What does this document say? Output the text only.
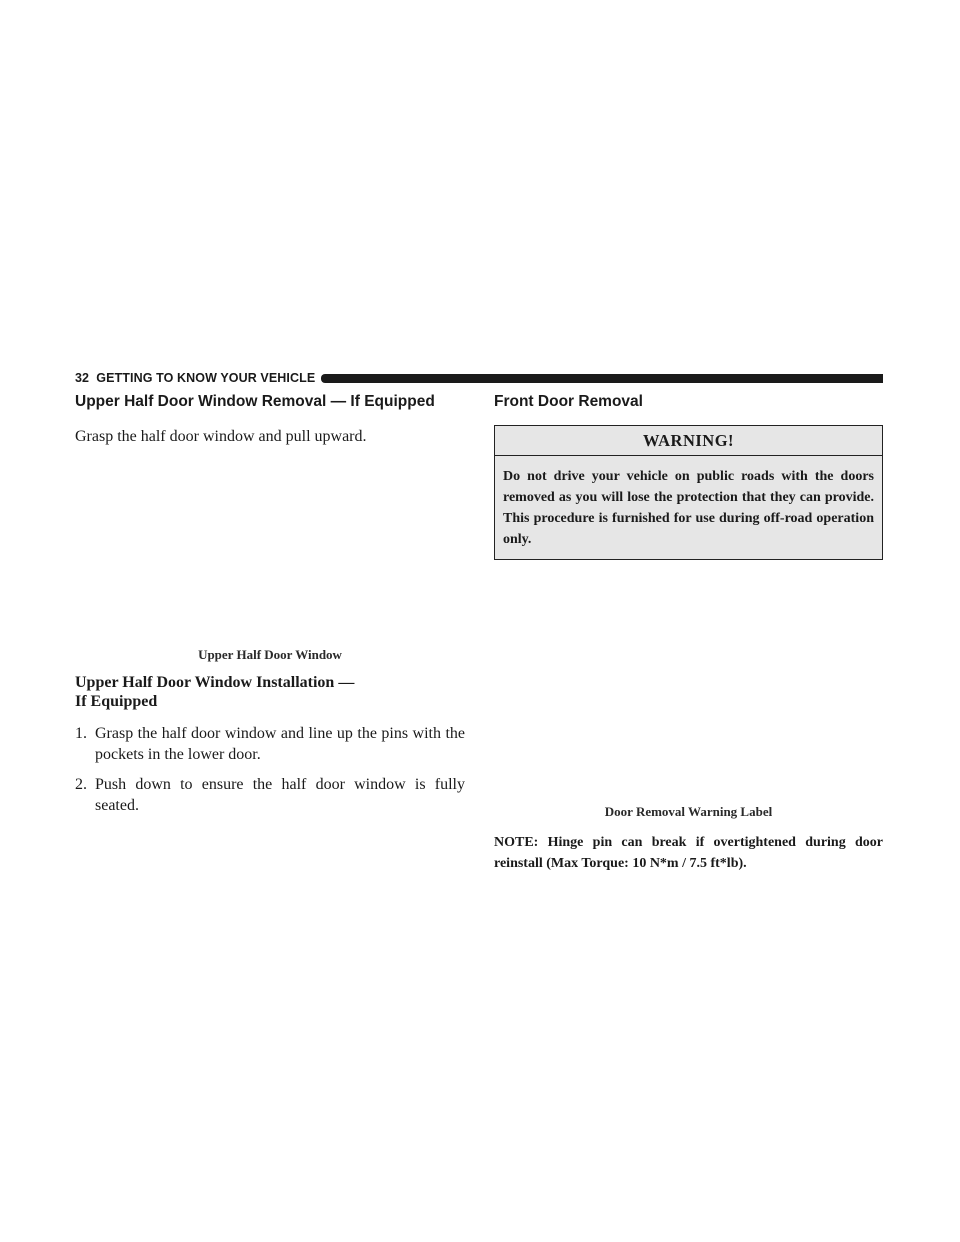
32 GETTING TO KNOW YOUR VEHICLE
Upper Half Door Window Removal — If Equipped

Grasp the half door window and pull upward.

Upper Half Door Window
Upper Half Door Window Installation —
If Equipped
1. Grasp the half door window and line up the pins with the pockets in the lower door.
2. Push down to ensure the half door window is fully seated.
Front Door Removal
WARNING!
Do not drive your vehicle on public roads with the doors removed as you will lose the protection that they can provide. This procedure is furnished for use during off-road operation only.
Door Removal Warning Label
NOTE: Hinge pin can break if overtightened during door reinstall (Max Torque: 10 N*m / 7.5 ft*lb).
